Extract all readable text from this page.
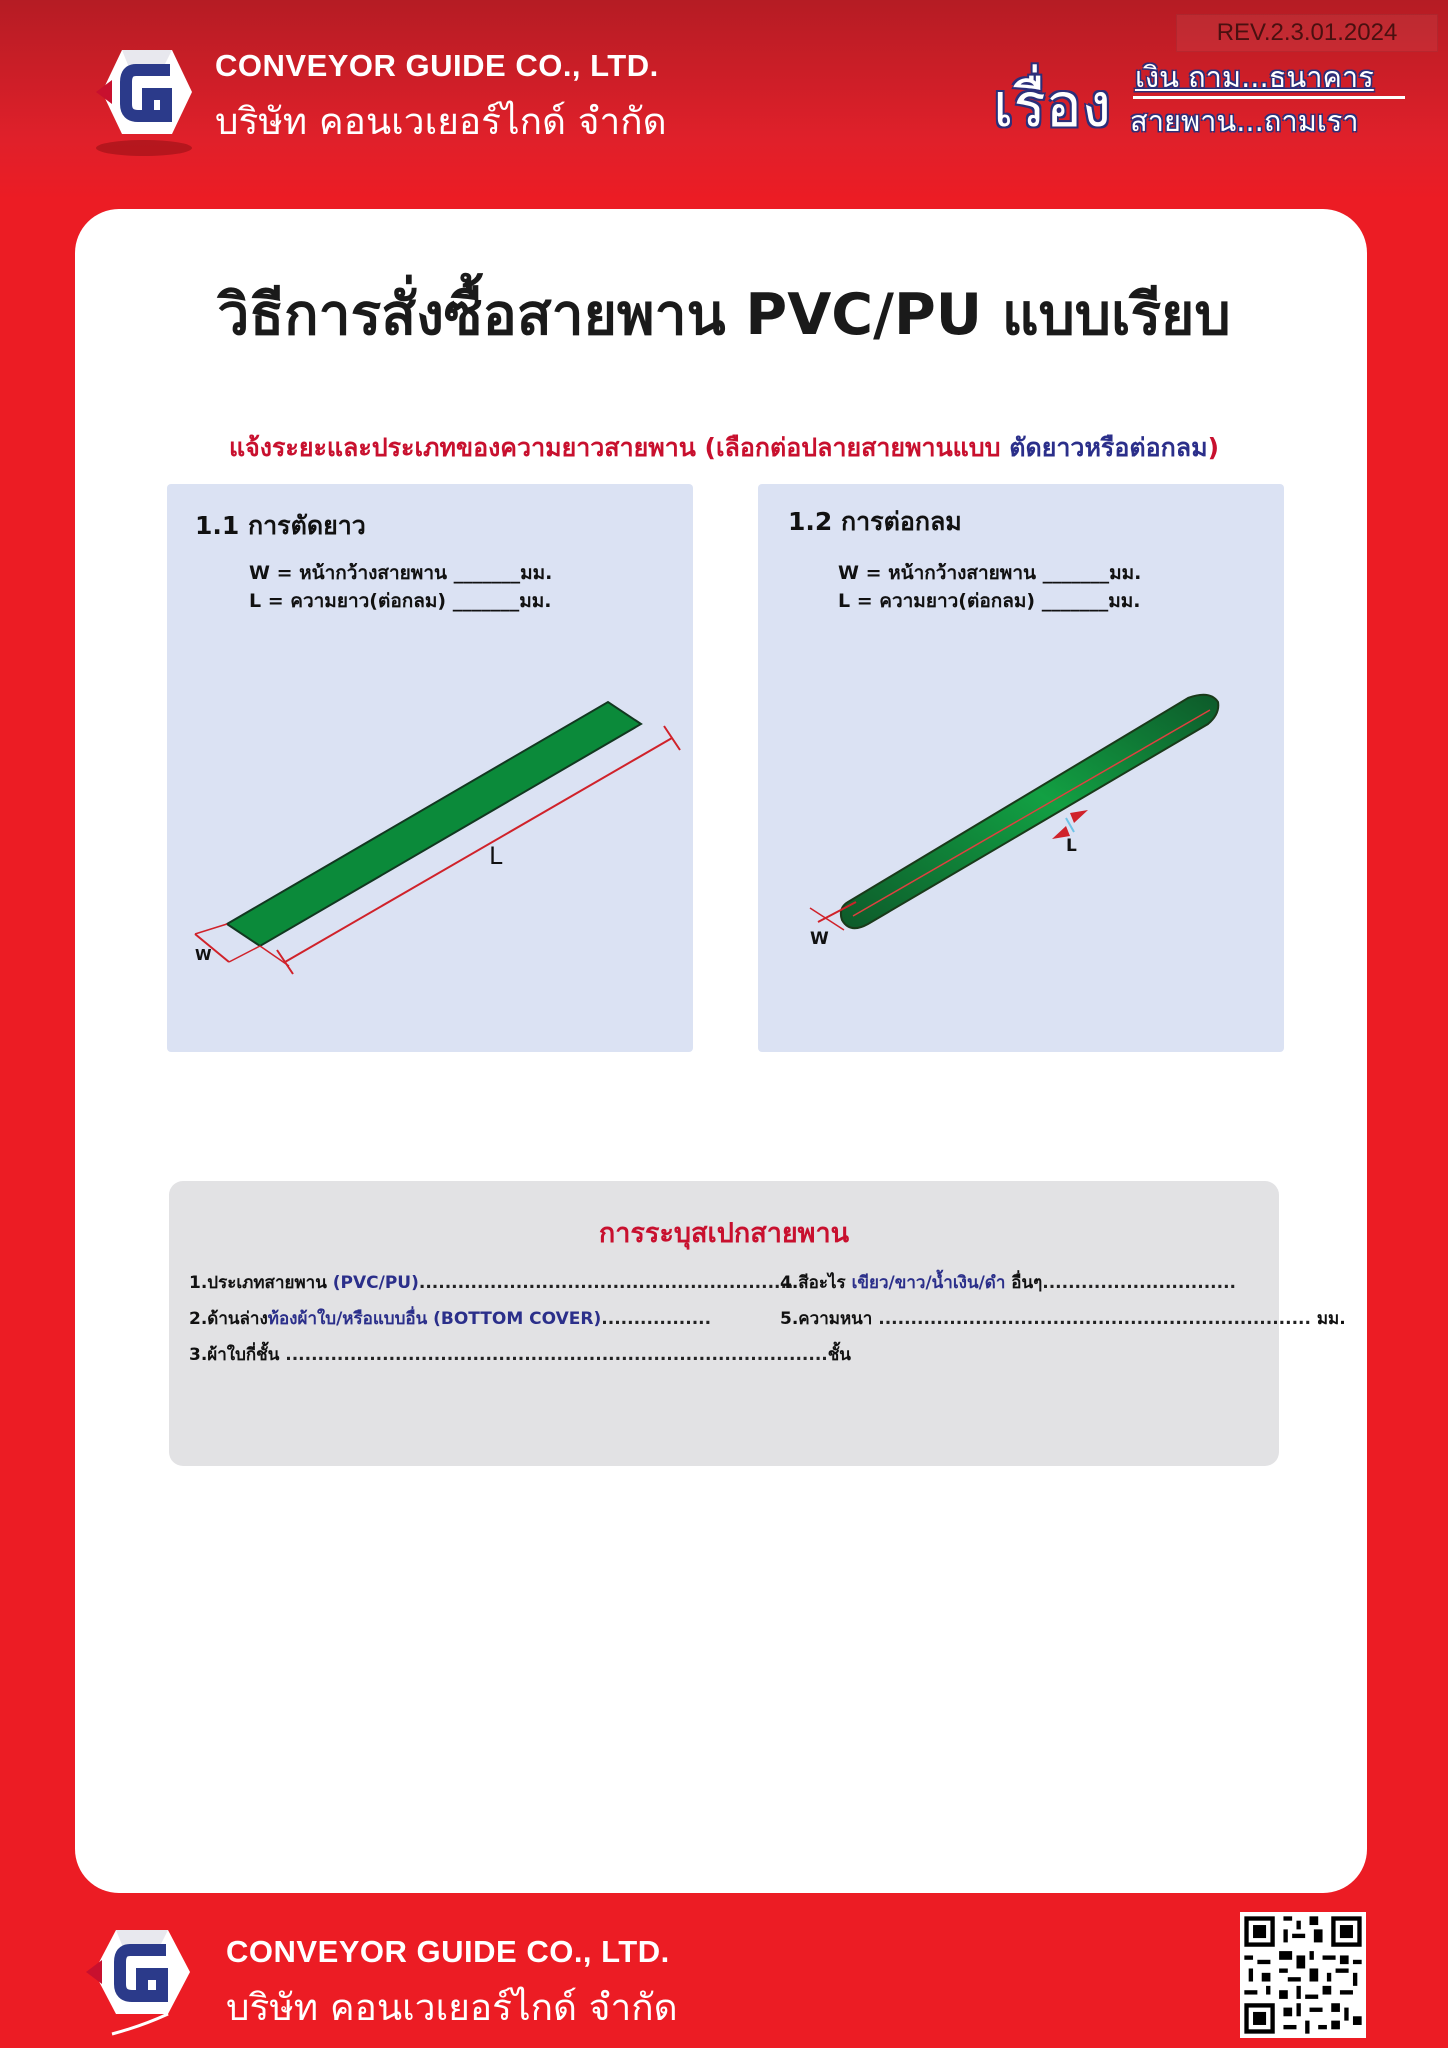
REV.2.3.01.2024
CONVEYOR GUIDE CO., LTD.
บริษัท คอนเวเยอร์ไกด์ จำกัด	เรื่อง เงิน ถาม...ธนาคาร
สายพาน...ถามเรา
วิธีการสั่งซื้อสายพาน PVC/PU แบบเรียบ
แจ้งระยะและประเภทของความยาวสายพาน (เลือกต่อปลายสายพานแบบ ตัดยาวหรือต่อกลม)
1.1 การตัดยาว
W = หน้ากว้างสายพาน _______มม.
L = ความยาว(ต่อกลม) _______มม.
L
W
1.2 การต่อกลม
W = หน้ากว้างสายพาน _______มม.
L = ความยาว(ต่อกลม) _______มม.
L
W
การระบุสเปกสายพาน
1.ประเภทสายพาน (PVC/PU)..........................................................
2.ด้านล่างท้องผ้าใบ/หรือแบบอื่น (BOTTOM COVER).................
3.ผ้าใบกี่ชั้น ....................................................................................ชั้น
4.สีอะไร เขียว/ขาว/น้ำเงิน/ดำ อื่นๆ..............................
5.ความหนา ................................................................... มม.
CONVEYOR GUIDE CO., LTD.
บริษัท คอนเวเยอร์ไกด์ จำกัด
